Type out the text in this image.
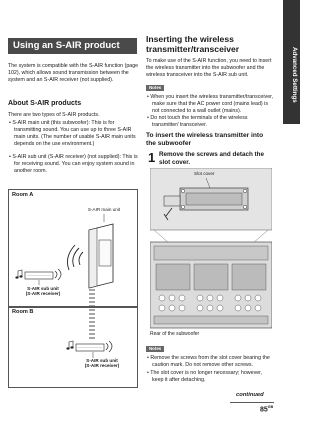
Using an S-AIR product

The system is compatible with the S-AIR function (page 102), which allows sound transmission between the system and an S-AIR receiver (not supplied).

About S-AIR products

There are two types of S-AIR products.

• S-AIR main unit (this subwoofer): This is for transmitting sound. You can use up to three S-AIR main units. (The number of usable S-AIR main units depends on the use environment.)

• S-AIR sub unit (S-AIR receiver) (not supplied): This is for receiving sound. You can enjoy system sound in another room.

Room A
S-AIR main unit
S-AIR sub unit
(S-AIR receiver)
Room B
S-AIR sub unit
(S-AIR receiver)

Inserting the wireless transmitter/transceiver

To make use of the S-AIR function, you need to insert the wireless transmitter into the subwoofer and the wireless transceiver into the S-AIR sub unit.

Notes

• When you insert the wireless transmitter/transceiver, make sure that the AC power cord (mains lead) is not connected to a wall outlet (mains).

• Do not touch the terminals of the wireless transmitter/ transceiver.

To insert the wireless transmitter into the subwoofer

1 Remove the screws and detach the slot cover.

Slot cover
Rear of the subwoofer
Notes

• Remove the screws from the slot cover bearing the caution mark. Do not remove other screws.

• The slot cover is no longer necessary; however, keep it after detaching.

Advanced Settings
continued
$85^{GB}$
